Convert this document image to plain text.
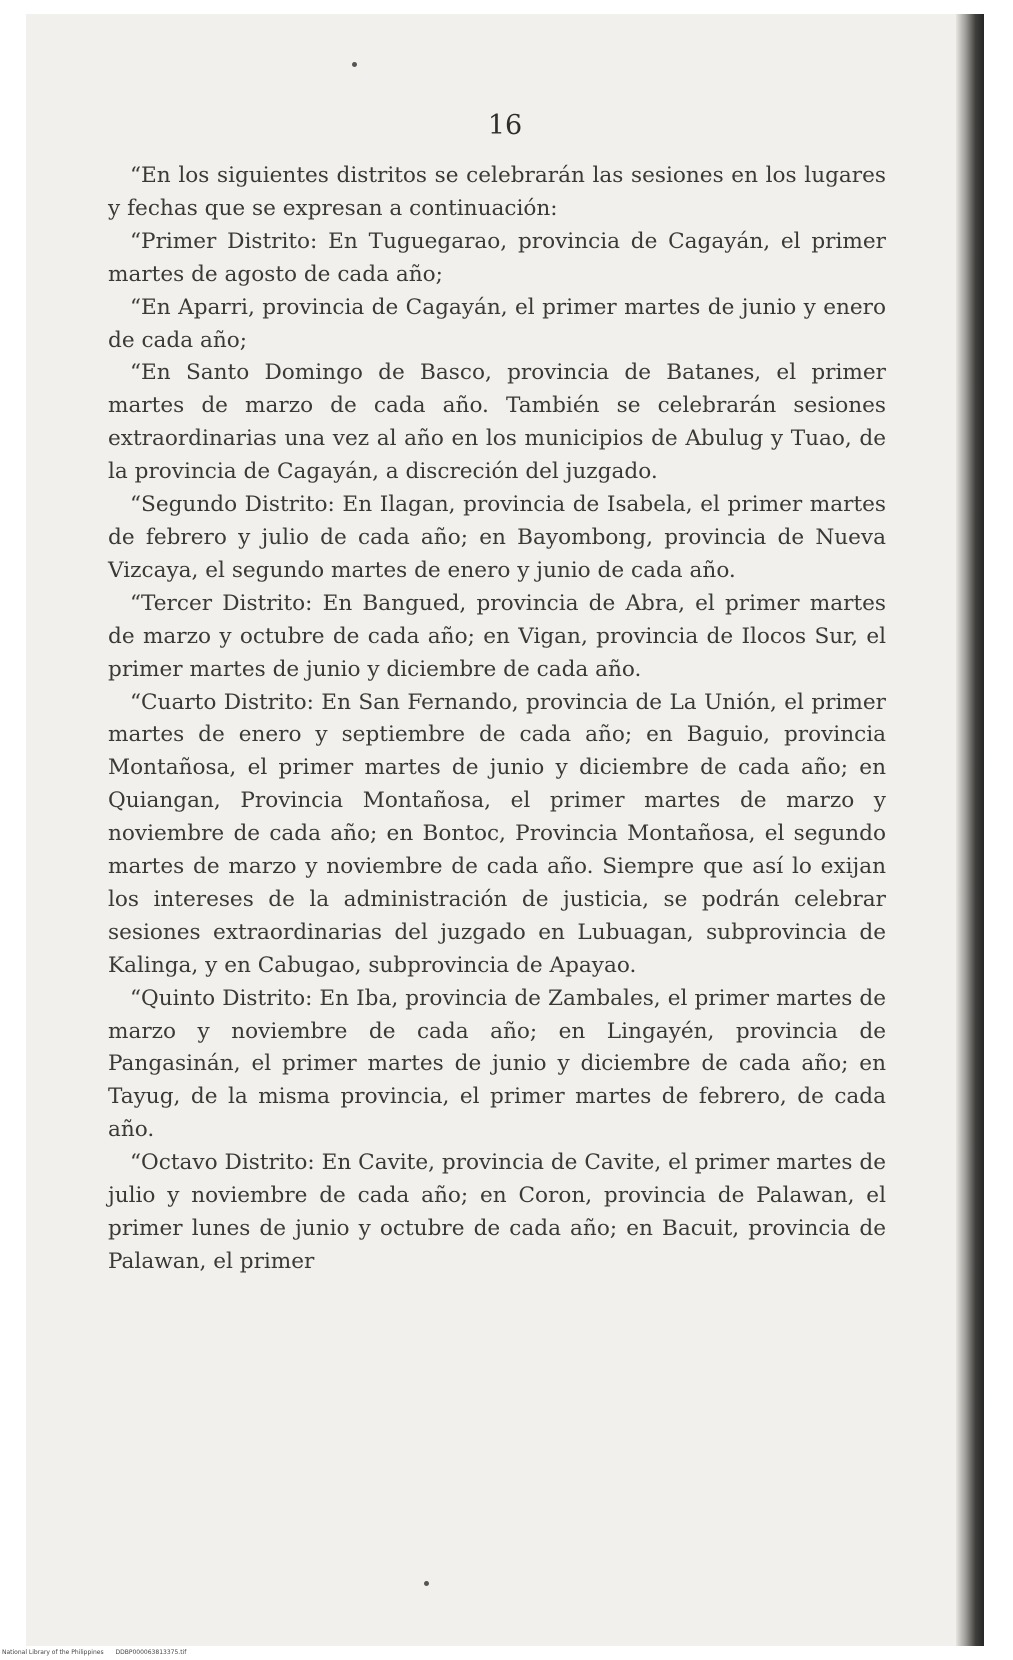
16

“En los siguientes distritos se celebrarán las sesiones en los lugares y fechas que se expresan a continuación:

“Primer Distrito: En Tuguegarao, provincia de Cagayán, el primer martes de agosto de cada año;

“En Aparri, provincia de Cagayán, el primer martes de junio y enero de cada año;

“En Santo Domingo de Basco, provincia de Batanes, el primer martes de marzo de cada año. También se celebrarán sesiones extraordinarias una vez al año en los municipios de Abulug y Tuao, de la provincia de Cagayán, a discreción del juzgado.

“Segundo Distrito: En Ilagan, provincia de Isabela, el primer martes de febrero y julio de cada año; en Bayombong, provincia de Nueva Vizcaya, el segundo martes de enero y junio de cada año.

“Tercer Distrito: En Bangued, provincia de Abra, el primer martes de marzo y octubre de cada año; en Vigan, provincia de Ilocos Sur, el primer martes de junio y diciembre de cada año.

“Cuarto Distrito: En San Fernando, provincia de La Unión, el primer martes de enero y septiembre de cada año; en Baguio, provincia Montañosa, el primer martes de junio y diciembre de cada año; en Quiangan, Provincia Montañosa, el primer martes de marzo y noviembre de cada año; en Bontoc, Provincia Montañosa, el segundo martes de marzo y noviembre de cada año. Siempre que así lo exijan los intereses de la administración de justicia, se podrán celebrar sesiones extraordinarias del juzgado en Lubuagan, subprovincia de Kalinga, y en Cabugao, subprovincia de Apayao.

“Quinto Distrito: En Iba, provincia de Zambales, el primer martes de marzo y noviembre de cada año; en Lingayén, provincia de Pangasinán, el primer martes de junio y diciembre de cada año; en Tayug, de la misma provincia, el primer martes de febrero, de cada año.

“Octavo Distrito: En Cavite, provincia de Cavite, el primer martes de julio y noviembre de cada año; en Coron, provincia de Palawan, el primer lunes de junio y octubre de cada año; en Bacuit, provincia de Palawan, el primer

National Library of the Philippines DDBP000063813375.tif
